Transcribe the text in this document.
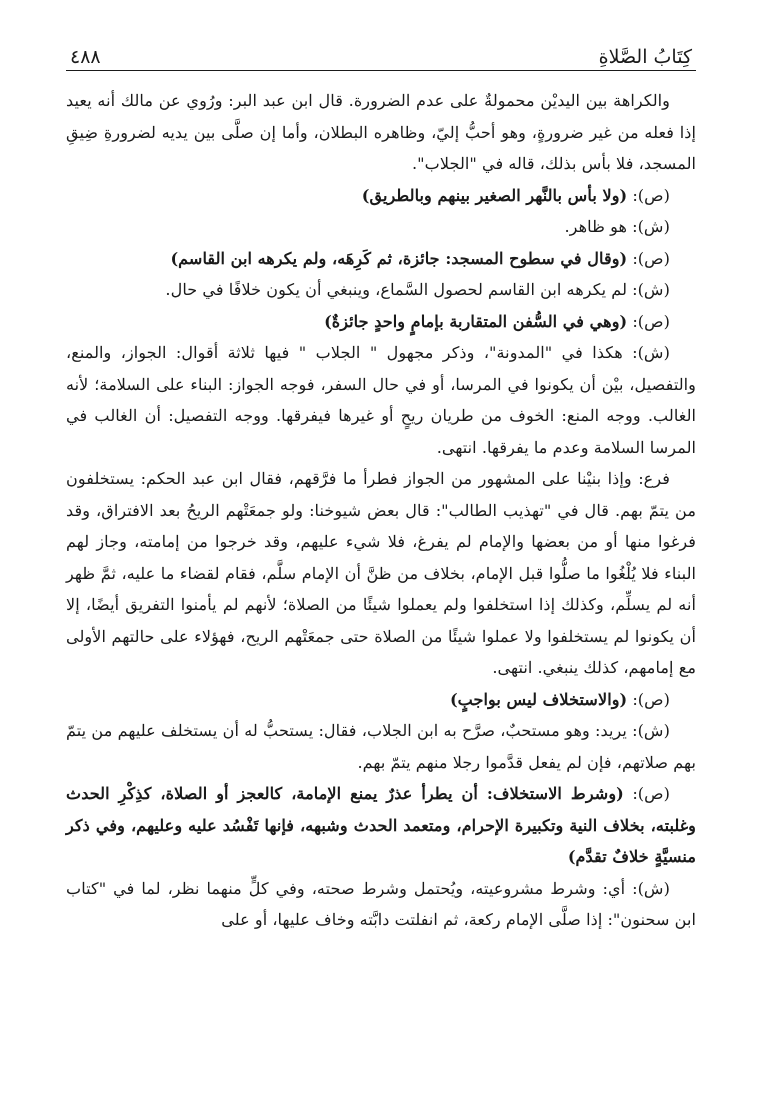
كِتَابُ الصَّلاةِ
٤٨٨

والكراهة بين اليديْن محمولةٌ على عدم الضرورة. قال ابن عبد البر: ورُوي عن مالك أنه يعيد إذا فعله من غير ضرورةٍ، وهو أحبُّ إليّ، وظاهره البطلان، وأما إن صلَّى بين يديه لضرورةِ ضِيقِ المسجد، فلا بأس بذلك، قاله في "الجلاب".

(ص): (ولا بأس بالنَّهر الصغير بينهم وبالطريق)

(ش): هو ظاهر.

(ص): (وقال في سطوح المسجد: جائزة، ثم كَرِهَه، ولم يكرهه ابن القاسم)

(ش): لم يكرهه ابن القاسم لحصول السَّماع، وينبغي أن يكون خلافًا في حال.

(ص): (وهي في السُّفن المتقاربة بإمامٍ واحدٍ جائزةٌ)

(ش): هكذا في "المدونة"، وذكر مجهول " الجلاب " فيها ثلاثة أقوال: الجواز، والمنع، والتفصيل، بيْن أن يكونوا في المرسا، أو في حال السفر، فوجه الجواز: البناء على السلامة؛ لأنه الغالب. ووجه المنع: الخوف من طريان ريحٍ أو غيرها فيفرقها. ووجه التفصيل: أن الغالب في المرسا السلامة وعدم ما يفرقها. انتهى.

فرع: وإذا بنيْنا على المشهور من الجواز فطرأ ما فرَّقهم، فقال ابن عبد الحكم: يستخلفون من يتمّ بهم. قال في "تهذيب الطالب": قال بعض شيوخنا: ولو جمعَتْهم الريحُ بعد الافتراق، وقد فرغوا منها أو من بعضها والإمام لم يفرغ، فلا شيء عليهم، وقد خرجوا من إمامته، وجاز لهم البناء فلا يُلْغُوا ما صلُّوا قبل الإمام، بخلاف من ظنَّ أن الإمام سلَّم، فقام لقضاء ما عليه، ثمَّ ظهر أنه لم يسلِّم، وكذلك إذا استخلفوا ولم يعملوا شيئًا من الصلاة؛ لأنهم لم يأمنوا التفريق أيضًا، إلا أن يكونوا لم يستخلفوا ولا عملوا شيئًا من الصلاة حتى جمعَتْهم الريح، فهؤلاء على حالتهم الأولى مع إمامهم، كذلك ينبغي. انتهى.

(ص): (والاستخلاف ليس بواجبٍ)

(ش): يريد: وهو مستحبٌ، صرَّح به ابن الجلاب، فقال: يستحبُّ له أن يستخلف عليهم من يتمّ بهم صلاتهم، فإن لم يفعل قدَّموا رجلا منهم يتمّ بهم.

(ص): (وشرط الاستخلاف: أن يطرأ عذرٌ يمنع الإمامة، كالعجز أو الصلاة، كذِكْرِ الحدث وغلبته، بخلاف النية وتكبيرة الإحرام، ومتعمد الحدث وشبهه، فإنها تَفْسُد عليه وعليهم، وفي ذكر منسيَّةٍ خلافٌ تقدَّم)

(ش): أي: وشرط مشروعيته، ويُحتمل وشرط صحته، وفي كلٍّ منهما نظر، لما في "كتاب ابن سحنون": إذا صلَّى الإمام ركعة، ثم انفلتت دابَّته وخاف عليها، أو على
